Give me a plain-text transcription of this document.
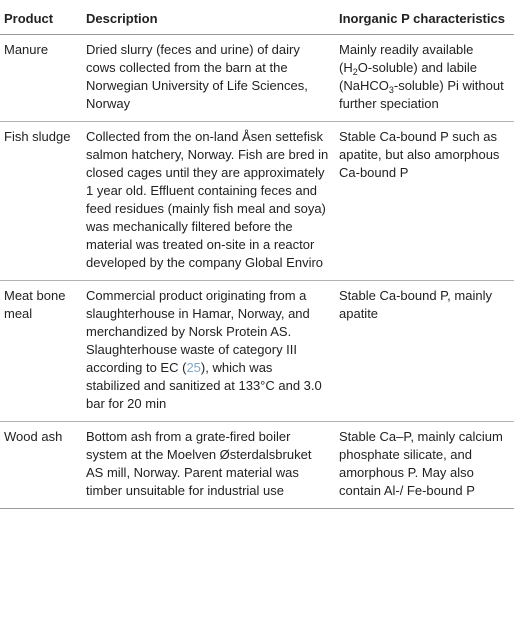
Product	Description	Inorganic P characteristics
Manure	Dried slurry (feces and urine) of dairy cows collected from the barn at the Norwegian University of Life Sciences, Norway	Mainly readily available $(H_2O-soluble)$ and labile (NaHCO$_3$-soluble) Pi without further speciation
Fish sludge	Collected from the on-land Åsen settefisk salmon hatchery, Norway. Fish are bred in closed cages until they are approximately 1 year old. Effluent containing feces and feed residues (mainly fish meal and soya) was mechanically filtered before the material was treated on-site in a reactor developed by the company Global Enviro	Stable Ca-bound P such as apatite, but also amorphous Ca-bound P
Meat bone meal	Commercial product originating from a slaughterhouse in Hamar, Norway, and merchandized by Norsk Protein AS. Slaughterhouse waste of category III according to EC (25), which was stabilized and sanitized at 133°C and 3.0 bar for 20 min	Stable Ca-bound P, mainly apatite
Wood ash	Bottom ash from a grate-fired boiler system at the Moelven Østerdalsbruket AS mill, Norway. Parent material was timber unsuitable for industrial use	Stable Ca–P, mainly calcium phosphate silicate, and amorphous P. May also contain Al-/ Fe-bound P
